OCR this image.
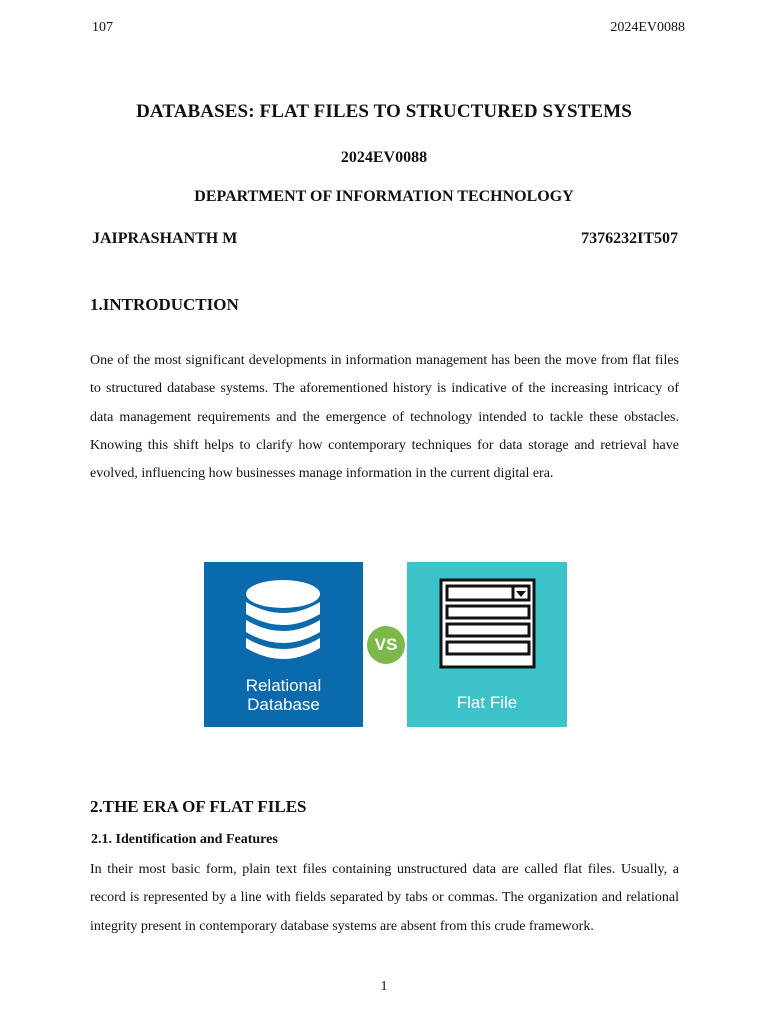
107	2024EV0088
DATABASES: FLAT FILES TO STRUCTURED SYSTEMS
2024EV0088
DEPARTMENT OF INFORMATION TECHNOLOGY
JAIPRASHANTH M	7376232IT507
1.INTRODUCTION

One of the most significant developments in information management has been the move from flat files to structured database systems. The aforementioned history is indicative of the increasing intricacy of data management requirements and the emergence of technology intended to tackle these obstacles. Knowing this shift helps to clarify how contemporary techniques for data storage and retrieval have evolved, influencing how businesses manage information in the current digital era.

Relational
Database
VS
Flat File
2.THE ERA OF FLAT FILES
2.1. Identification and Features

In their most basic form, plain text files containing unstructured data are called flat files. Usually, a record is represented by a line with fields separated by tabs or commas. The organization and relational integrity present in contemporary database systems are absent from this crude framework.

1
